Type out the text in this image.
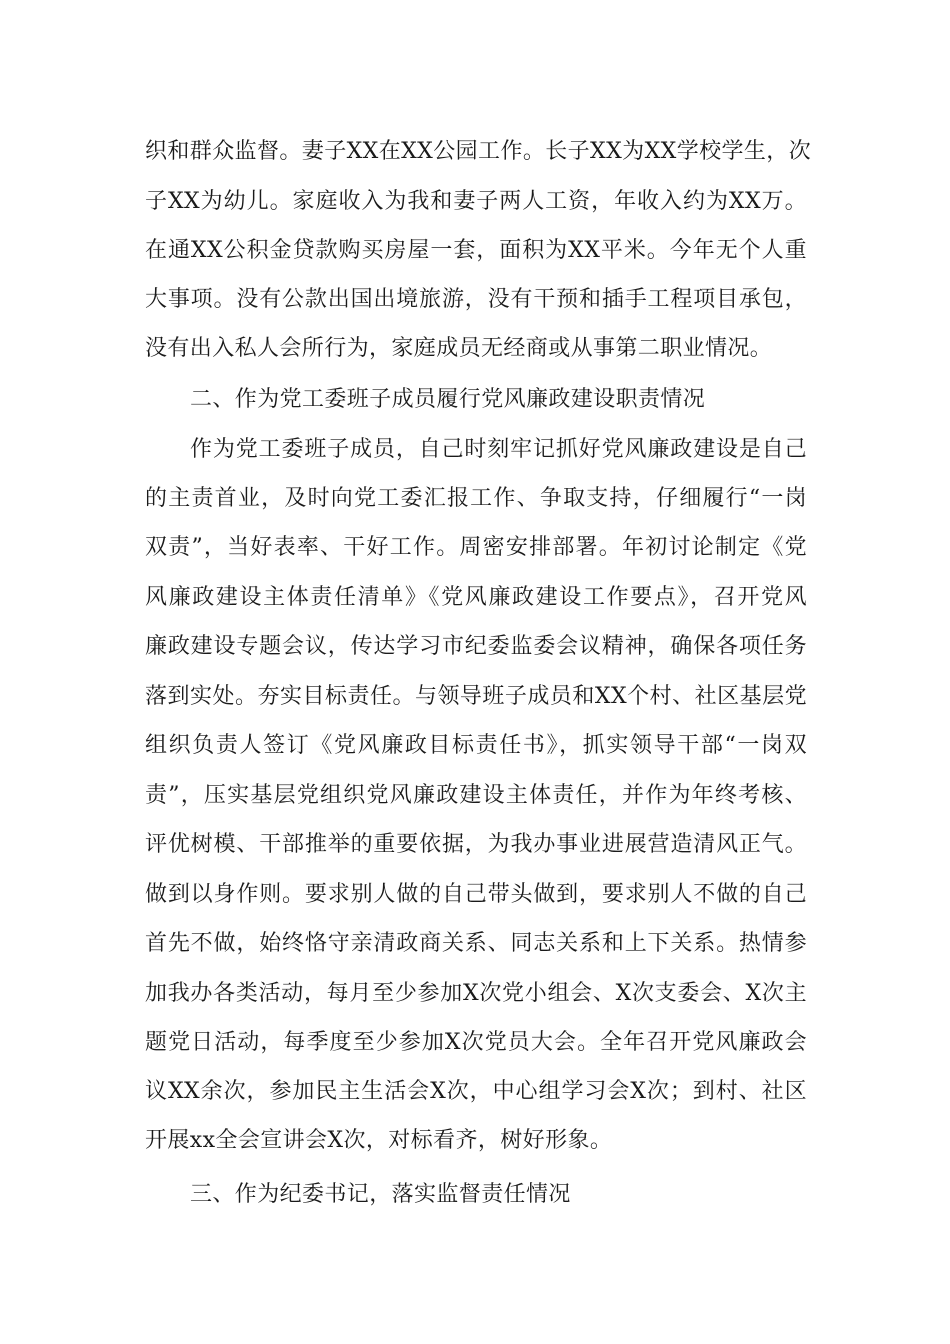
织和群众监督。妻子XX在XX公园工作。长子XX为XX学校学生，次
子XX为幼儿。家庭收入为我和妻子两人工资，年收入约为XX万。
在通XX公积金贷款购买房屋一套，面积为XX平米。今年无个人重
大事项。没有公款出国出境旅游，没有干预和插手工程项目承包，
没有出入私人会所行为，家庭成员无经商或从事第二职业情况。
二、作为党工委班子成员履行党风廉政建设职责情况
作为党工委班子成员，自己时刻牢记抓好党风廉政建设是自己
的主责首业，及时向党工委汇报工作、争取支持，仔细履行“一岗
双责”，当好表率、干好工作。周密安排部署。年初讨论制定《党
风廉政建设主体责任清单》《党风廉政建设工作要点》，召开党风
廉政建设专题会议，传达学习市纪委监委会议精神，确保各项任务
落到实处。夯实目标责任。与领导班子成员和XX个村、社区基层党
组织负责人签订《党风廉政目标责任书》，抓实领导干部“一岗双
责”，压实基层党组织党风廉政建设主体责任，并作为年终考核、
评优树模、干部推举的重要依据，为我办事业进展营造清风正气。
做到以身作则。要求别人做的自己带头做到，要求别人不做的自己
首先不做，始终恪守亲清政商关系、同志关系和上下关系。热情参
加我办各类活动，每月至少参加X次党小组会、X次支委会、X次主
题党日活动，每季度至少参加X次党员大会。全年召开党风廉政会
议XX余次，参加民主生活会X次，中心组学习会X次；到村、社区
开展xx全会宣讲会X次，对标看齐，树好形象。
三、作为纪委书记，落实监督责任情况
